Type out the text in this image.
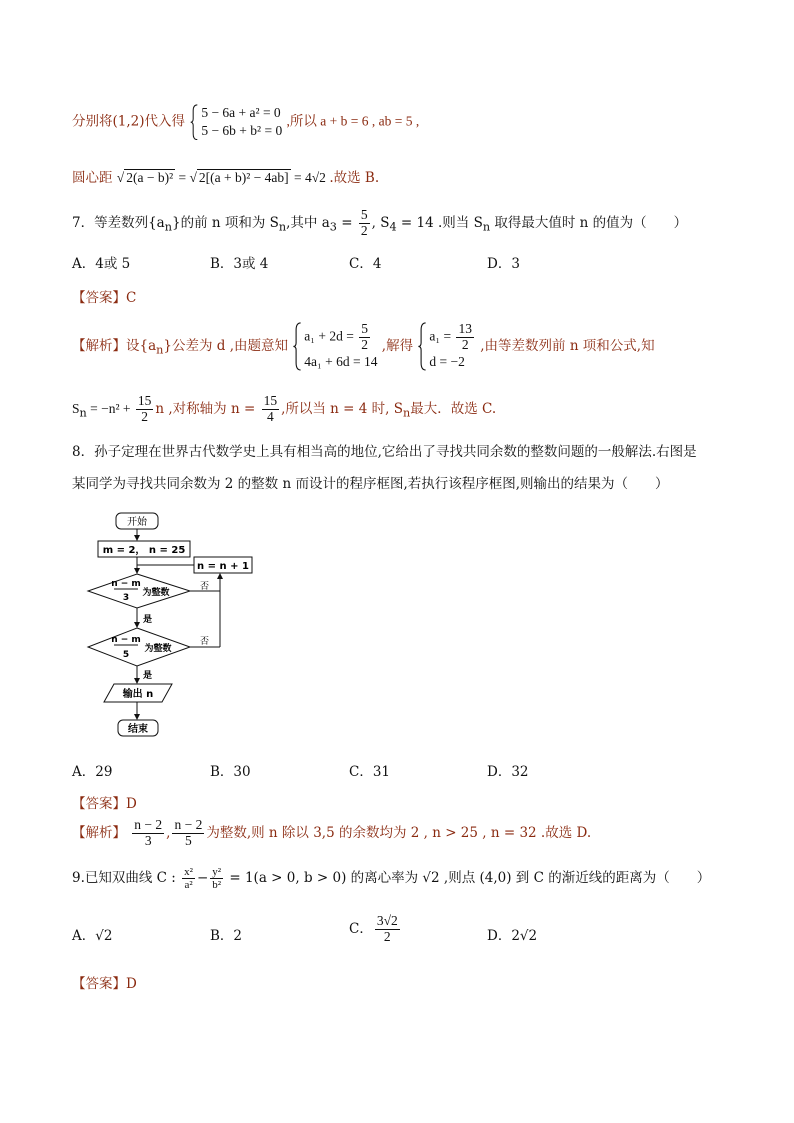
分别将(1,2)代入得
5 − 6a + a² = 0
5 − 6b + b² = 0
,所以 a + b = 6 , ab = 5 ,
圆心距 √ 2(a − b)² = √ 2[(a + b)² − 4ab] = 4√2 .故选 B.
7．等差数列$\{a_n\}$的前 n 项和为 $S_n$,其中 $a_3 = \frac{5}{2}$ , $S_4 = 14$ .则当 $S_n$ 取得最大值时 n 的值为（　　）
A．4或 5	B．3或 4	C．4	D．3
【答案】C
【解析】设$\{a_n\}$公差为 d ,由题意知
$a_1 + 2d = \frac{5}{2}$
4a₁ + 6d = 14
,解得
$a_1 = \frac{13}{2}$
d = −2
,由等差数列前 n 项和公式,知
$S_n = -n^2 + \frac{15}{2}$ n ,对称轴为 $n = \frac{15}{4}$ ,所以当 n = 4 时, $S_n$最大．故选 C.
8．孙子定理在世界古代数学史上具有相当高的地位,它给出了寻找共同余数的整数问题的一般解法.右图是
某同学为寻找共同余数为 2 的整数 n 而设计的程序框图,若执行该程序框图,则输出的结果为（　　）
开始
m = 2， n = 25
n = n + 1
n − m
3 为整数
否
是
n − m
5
为整数
否
是
输出 n
结束
A．29	B．30	C．31	D．32
【答案】D
【解析】 $\frac{n - 2}{3}$ , $\frac{n - 2}{5}$ 为整数,则 n 除以 3,5 的余数均为 2 , n > 25 , n = 32 .故选 D.
9.已知双曲线 C : $\frac{\text{x²}}{\text{a²}} - \frac{\text{y²}}{\text{b²}} = 1(a > 0$, b > 0) 的离心率为 √2 ,则点 (4,0) 到 C 的渐近线的距离为（　　）
A．√2	B．2	C． $\frac{3√2}{2}$	D．2√2
【答案】D
